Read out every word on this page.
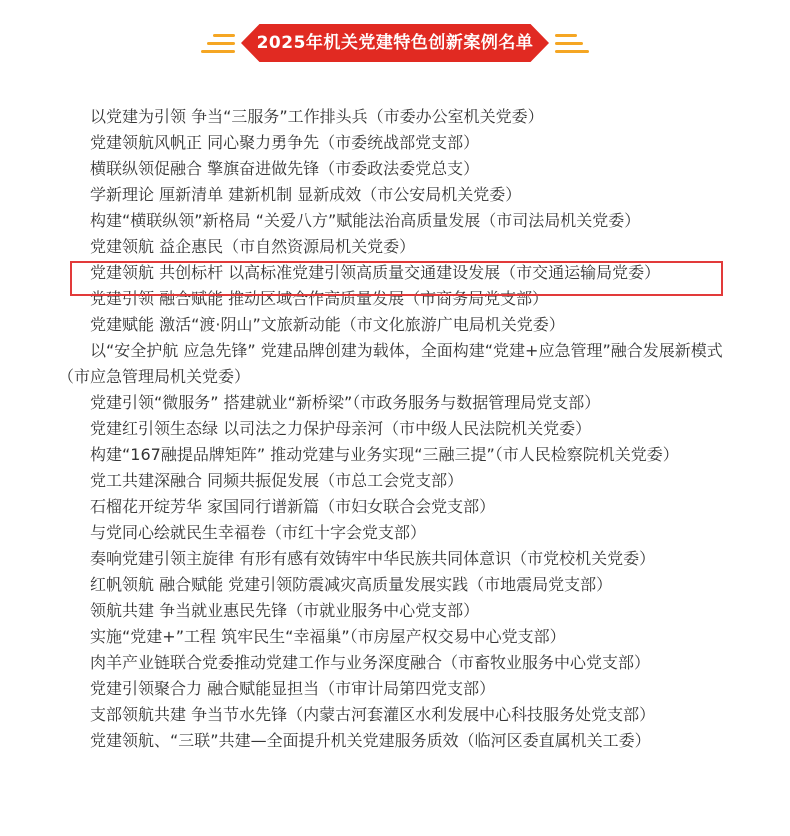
2025年机关党建特色创新案例名单
以党建为引领 争当“三服务”工作排头兵（市委办公室机关党委）
党建领航风帆正 同心聚力勇争先（市委统战部党支部）
横联纵领促融合 擎旗奋进做先锋（市委政法委党总支）
学新理论 厘新清单 建新机制 显新成效（市公安局机关党委）
构建“横联纵领”新格局 “关爱八方”赋能法治高质量发展（市司法局机关党委）
党建领航 益企惠民（市自然资源局机关党委）
党建领航 共创标杆 以高标准党建引领高质量交通建设发展（市交通运输局党委）
党建引领 融合赋能 推动区域合作高质量发展（市商务局党支部）
党建赋能 激活“渡·阴山”文旅新动能（市文化旅游广电局机关党委）
以“安全护航 应急先锋” 党建品牌创建为载体，全面构建“党建+应急管理”融合发展新模式（市应急管理局机关党委）
党建引领“微服务” 搭建就业“新桥梁”（市政务服务与数据管理局党支部）
党建红引领生态绿 以司法之力保护母亲河（市中级人民法院机关党委）
构建“167融提品牌矩阵” 推动党建与业务实现“三融三提”（市人民检察院机关党委）
党工共建深融合 同频共振促发展（市总工会党支部）
石榴花开绽芳华 家国同行谱新篇（市妇女联合会党支部）
与党同心绘就民生幸福卷（市红十字会党支部）
奏响党建引领主旋律 有形有感有效铸牢中华民族共同体意识（市党校机关党委）
红帆领航 融合赋能 党建引领防震减灾高质量发展实践（市地震局党支部）
领航共建 争当就业惠民先锋（市就业服务中心党支部）
实施“党建+”工程 筑牢民生“幸福巢”（市房屋产权交易中心党支部）
肉羊产业链联合党委推动党建工作与业务深度融合（市畜牧业服务中心党支部）
党建引领聚合力 融合赋能显担当（市审计局第四党支部）
支部领航共建 争当节水先锋（内蒙古河套灌区水利发展中心科技服务处党支部）
党建领航、“三联”共建—全面提升机关党建服务质效（临河区委直属机关工委）
